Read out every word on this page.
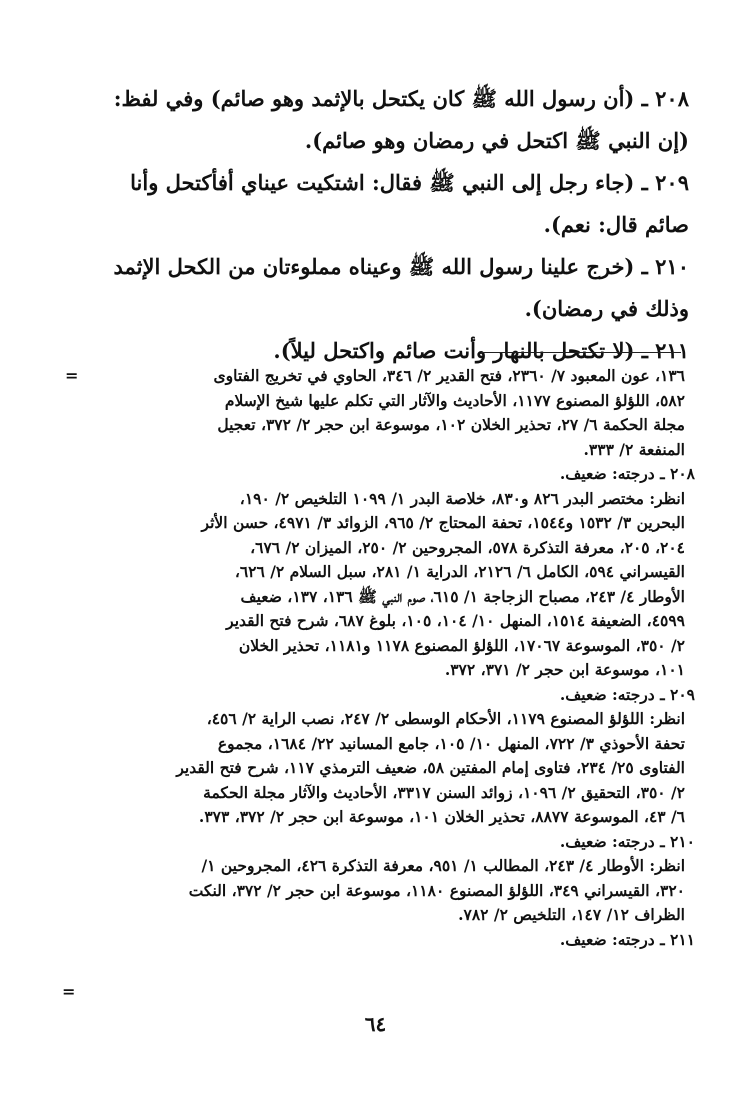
٢٠٨ ـ (أن رسول الله ﷺ كان يكتحل بالإثمد وهو صائم) وفي لفظ:
(إن النبي ﷺ اكتحل في رمضان وهو صائم).
٢٠٩ ـ (جاء رجل إلى النبي ﷺ فقال: اشتكيت عيناي أفأكتحل وأنا
صائم قال: نعم).
٢١٠ ـ (خرج علينا رسول الله ﷺ وعيناه مملوءتان من الكحل الإثمد
وذلك في رمضان).
٢١١ ـ (لا تكتحل بالنهار وأنت صائم واكتحل ليلاً).
=	١٣٦، عون المعبود ٧/ ٢٣٦٠، فتح القدير ٢/ ٣٤٦، الحاوي في تخريج الفتاوى
٥٨٢، اللؤلؤ المصنوع ١١٧٧، الأحاديث والآثار التي تكلم عليها شيخ الإسلام
مجلة الحكمة ٦/ ٢٧، تحذير الخلان ١٠٢، موسوعة ابن حجر ٢/ ٣٧٢، تعجيل
المنفعة ٢/ ٣٣٣.
٢٠٨ ـ درجته: ضعيف.
انظر: مختصر البدر ٨٢٦ و٨٣٠، خلاصة البدر ١/ ١٠٩٩ التلخيص ٢/ ١٩٠،
البحرين ٣/ ١٥٣٢ و١٥٤٤، تحفة المحتاج ٢/ ٩٦٥، الزوائد ٣/ ٤٩٧١، حسن الأثر
٢٠٤، ٢٠٥، معرفة التذكرة ٥٧٨، المجروحين ٢/ ٢٥٠، الميزان ٢/ ٦٧٦،
القيسراني ٥٩٤، الكامل ٦/ ٢١٢٦، الدراية ١/ ٢٨١، سبل السلام ٢/ ٦٢٦،
الأوطار ٤/ ٢٤٣، مصباح الزجاجة ١/ ٦١٥، صوم النبي ﷺ ١٣٦، ١٣٧، ضعيف
٤٥٩٩، الضعيفة ١٥١٤، المنهل ١٠/ ١٠٤، ١٠٥، بلوغ ٦٨٧، شرح فتح القدير
٢/ ٣٥٠، الموسوعة ١٧٠٦٧، اللؤلؤ المصنوع ١١٧٨ و١١٨١، تحذير الخلان
١٠١، موسوعة ابن حجر ٢/ ٣٧١، ٣٧٢.
٢٠٩ ـ درجته: ضعيف.
انظر: اللؤلؤ المصنوع ١١٧٩، الأحكام الوسطى ٢/ ٢٤٧، نصب الراية ٢/ ٤٥٦،
تحفة الأحوذي ٣/ ٧٢٢، المنهل ١٠/ ١٠٥، جامع المسانيد ٢٢/ ١٦٨٤، مجموع
الفتاوى ٢٥/ ٢٣٤، فتاوى إمام المفتين ٥٨، ضعيف الترمذي ١١٧، شرح فتح القدير
٢/ ٣٥٠، التحقيق ٢/ ١٠٩٦، زوائد السنن ٣٣١٧، الأحاديث والآثار مجلة الحكمة
٦/ ٤٣، الموسوعة ٨٨٧٧، تحذير الخلان ١٠١، موسوعة ابن حجر ٢/ ٣٧٢، ٣٧٣.
٢١٠ ـ درجته: ضعيف.
انظر: الأوطار ٤/ ٢٤٣، المطالب ١/ ٩٥١، معرفة التذكرة ٤٢٦، المجروحين ١/
٣٢٠، القيسراني ٣٤٩، اللؤلؤ المصنوع ١١٨٠، موسوعة ابن حجر ٢/ ٣٧٢، النكت
الظراف ١٢/ ١٤٧، التلخيص ٢/ ٧٨٢.
٢١١ ـ درجته: ضعيف.
=
٦٤
